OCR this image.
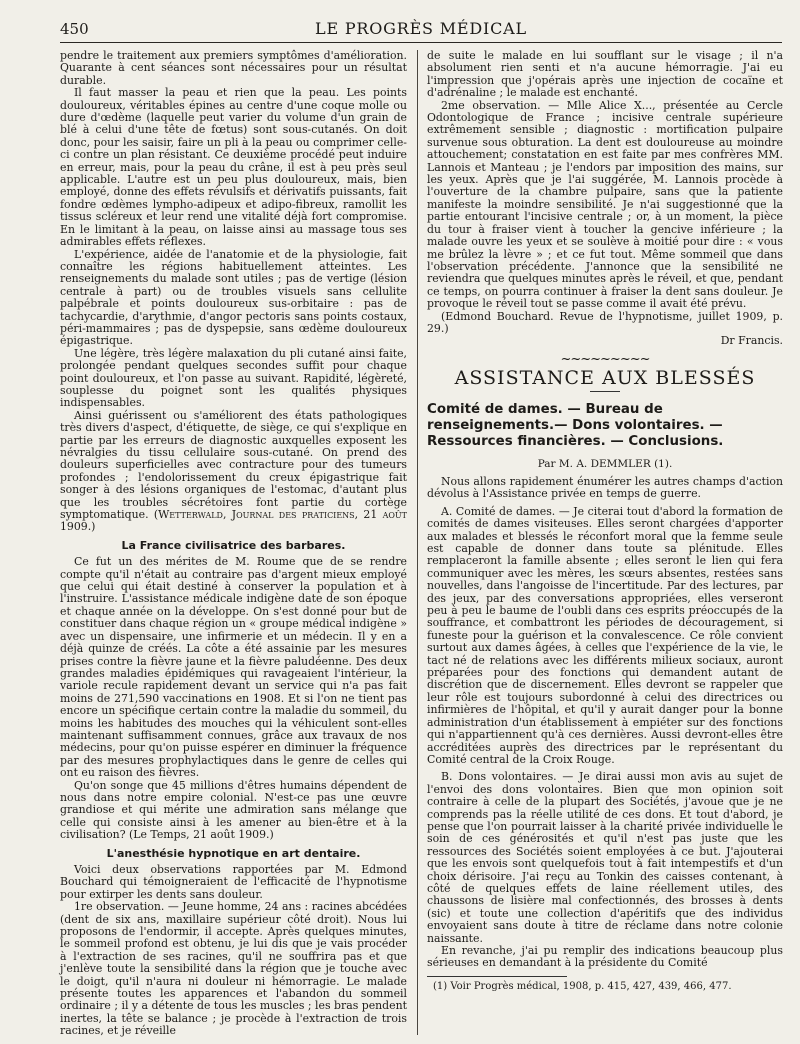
450	LE PROGRÈS MÉDICAL

pendre le traitement aux premiers symptômes d'amélioration. Quarante à cent séances sont nécessaires pour un résultat durable.

Il faut masser la peau et rien que la peau. Les points douloureux, véritables épines au centre d'une coque molle ou dure d'œdème (laquelle peut varier du volume d'un grain de blé à celui d'une tête de fœtus) sont sous-cutanés. On doit donc, pour les saisir, faire un pli à la peau ou comprimer celle-ci contre un plan résistant. Ce deuxième procédé peut induire en erreur, mais, pour la peau du crâne, il est à peu près seul applicable. L'autre est un peu plus douloureux, mais, bien employé, donne des effets révulsifs et dérivatifs puissants, fait fondre œdèmes lympho-adipeux et adipo-fibreux, ramollit les tissus scléreux et leur rend une vitalité déjà fort compromise. En le limitant à la peau, on laisse ainsi au massage tous ses admirables effets réflexes.

L'expérience, aidée de l'anatomie et de la physiologie, fait connaître les régions habituellement atteintes. Les renseignements du malade sont utiles ; pas de vertige (lésion centrale à part) ou de troubles visuels sans cellulite palpébrale et points douloureux sus-orbitaire : pas de tachycardie, d'arythmie, d'angor pectoris sans points costaux, péri-mammaires ; pas de dyspepsie, sans œdème douloureux épigastrique.

Une légère, très légère malaxation du pli cutané ainsi faite, prolongée pendant quelques secondes suffit pour chaque point douloureux, et l'on passe au suivant. Rapidité, légèreté, souplesse du poignet sont les qualités physiques indispensables.

Ainsi guérissent ou s'améliorent des états pathologiques très divers d'aspect, d'étiquette, de siège, ce qui s'explique en partie par les erreurs de diagnostic auxquelles exposent les névralgies du tissu cellulaire sous-cutané. On prend des douleurs superficielles avec contracture pour des tumeurs profondes ; l'endolorissement du creux épigastrique fait songer à des lésions organiques de l'estomac, d'autant plus que les troubles sécrétoires font partie du cortège symptomatique. (Wetterwald, Journal des praticiens, 21 août 1909.)

La France civilisatrice des barbares.

Ce fut un des mérites de M. Roume que de se rendre compte qu'il n'était au contraire pas d'argent mieux employé que celui qui était destiné à conserver la population et à l'instruire. L'assistance médicale indigène date de son époque et chaque année on la développe. On s'est donné pour but de constituer dans chaque région un « groupe médical indigène » avec un dispensaire, une infirmerie et un médecin. Il y en a déjà quinze de créés. La côte a été assainie par les mesures prises contre la fièvre jaune et la fièvre paludéenne. Des deux grandes maladies épidémiques qui ravageaient l'intérieur, la variole recule rapidement devant un service qui n'a pas fait moins de 271,590 vaccinations en 1908. Et si l'on ne tient pas encore un spécifique certain contre la maladie du sommeil, du moins les habitudes des mouches qui la véhiculent sont-elles maintenant suffisamment connues, grâce aux travaux de nos médecins, pour qu'on puisse espérer en diminuer la fréquence par des mesures prophylactiques dans le genre de celles qui ont eu raison des fièvres.

Qu'on songe que 45 millions d'êtres humains dépendent de nous dans notre empire colonial. N'est-ce pas une œuvre grandiose et qui mérite une admiration sans mélange que celle qui consiste ainsi à les amener au bien-être et à la civilisation? (Le Temps, 21 août 1909.)

L'anesthésie hypnotique en art dentaire.

Voici deux observations rapportées par M. Edmond Bouchard qui témoigneraient de l'efficacité de l'hypnotisme pour extirper les dents sans douleur.

1re observation. — Jeune homme, 24 ans : racines abcédées (dent de six ans, maxillaire supérieur côté droit). Nous lui proposons de l'endormir, il accepte. Après quelques minutes, le sommeil profond est obtenu, je lui dis que je vais procéder à l'extraction de ses racines, qu'il ne souffrira pas et que j'enlève toute la sensibilité dans la région que je touche avec le doigt, qu'il n'aura ni douleur ni hémorragie. Le malade présente toutes les apparences et l'abandon du sommeil ordinaire ; il y a détente de tous les muscles ; les bras pendent inertes, la tête se balance ; je procède à l'extraction de trois racines, et je réveille

de suite le malade en lui soufflant sur le visage ; il n'a absolument rien senti et n'a aucune hémorragie. J'ai eu l'impression que j'opérais après une injection de cocaïne et d'adrénaline ; le malade est enchanté.

2me observation. — Mlle Alice X..., présentée au Cercle Odontologique de France ; incisive centrale supérieure extrêmement sensible ; diagnostic : mortification pulpaire survenue sous obturation. La dent est douloureuse au moindre attouchement; constatation en est faite par mes confrères MM. Lannois et Manteau ; je l'endors par imposition des mains, sur les yeux. Après que je l'ai suggérée, M. Lannois procède à l'ouverture de la chambre pulpaire, sans que la patiente manifeste la moindre sensibilité. Je n'ai suggestionné que la partie entourant l'incisive centrale ; or, à un moment, la pièce du tour à fraiser vient à toucher la gencive inférieure ; la malade ouvre les yeux et se soulève à moitié pour dire : « vous me brûlez la lèvre » ; et ce fut tout. Même sommeil que dans l'observation précédente. J'annonce que la sensibilité ne reviendra que quelques minutes après le réveil, et que, pendant ce temps, on pourra continuer à fraiser la dent sans douleur. Je provoque le réveil tout se passe comme il avait été prévu.

(Edmond Bouchard. Revue de l'hypnotisme, juillet 1909, p. 29.)

Dr Francis.
~~~~~~~~~
ASSISTANCE AUX BLESSÉS

Comité de dames. — Bureau de renseignements.— Dons volontaires. — Ressources financières. — Conclusions.

Par M. A. DEMMLER (1).

Nous allons rapidement énumérer les autres champs d'action dévolus à l'Assistance privée en temps de guerre.

A. Comité de dames. — Je citerai tout d'abord la formation de comités de dames visiteuses. Elles seront chargées d'apporter aux malades et blessés le réconfort moral que la femme seule est capable de donner dans toute sa plénitude. Elles remplaceront la famille absente ; elles seront le lien qui fera communiquer avec les mères, les sœurs absentes, restées sans nouvelles, dans l'angoisse de l'incertitude. Par des lectures, par des jeux, par des conversations appropriées, elles verseront peu à peu le baume de l'oubli dans ces esprits préoccupés de la souffrance, et combattront les périodes de découragement, si funeste pour la guérison et la convalescence. Ce rôle convient surtout aux dames âgées, à celles que l'expérience de la vie, le tact né de relations avec les différents milieux sociaux, auront préparées pour des fonctions qui demandent autant de discrétion que de discernement. Elles devront se rappeler que leur rôle est toujours subordonné à celui des directrices ou infirmières de l'hôpital, et qu'il y aurait danger pour la bonne administration d'un établissement à empiéter sur des fonctions qui n'appartiennent qu'à ces dernières. Aussi devront-elles être accréditées auprès des directrices par le représentant du Comité central de la Croix Rouge.

B. Dons volontaires. — Je dirai aussi mon avis au sujet de l'envoi des dons volontaires. Bien que mon opinion soit contraire à celle de la plupart des Sociétés, j'avoue que je ne comprends pas la réelle utilité de ces dons. Et tout d'abord, je pense que l'on pourrait laisser à la charité privée individuelle le soin de ces générosités et qu'il n'est pas juste que les ressources des Sociétés soient employées à ce but. J'ajouterai que les envois sont quelquefois tout à fait intempestifs et d'un choix dérisoire. J'ai reçu au Tonkin des caisses contenant, à côté de quelques effets de laine réellement utiles, des chaussons de lisière mal confectionnés, des brosses à dents (sic) et toute une collection d'apéritifs que des individus envoyaient sans doute à titre de réclame dans notre colonie naissante.

En revanche, j'ai pu remplir des indications beaucoup plus sérieuses en demandant à la présidente du Comité

(1) Voir Progrès médical, 1908, p. 415, 427, 439, 466, 477.
